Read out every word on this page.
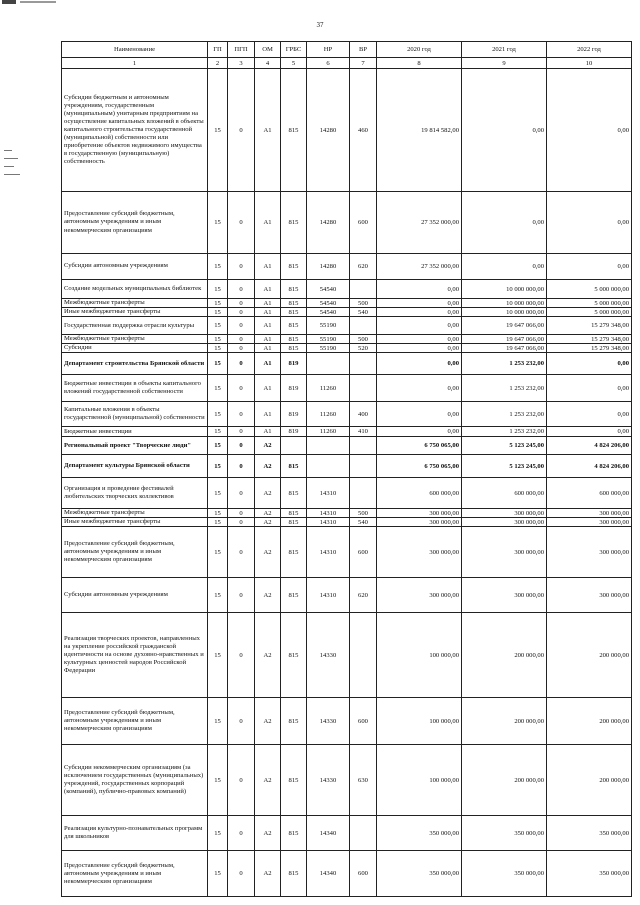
37
Наименование	ГП	ПГП	ОМ	ГРБС	НР	ВР	2020 год	2021 год	2022 год
1	2	3	4	5	6	7	8	9	10
Субсидии бюджетным и автономным учреждениям, государственным (муниципальным) унитарным предприятиям на осуществление капитальных вложений в объекты капитального строительства государственной (муниципальной) собственности или приобретение объектов недвижимого имущества в государственную (муниципальную) собственность	15	0	А1	815	14280	460	19 814 582,00	0,00	0,00
Предоставление субсидий бюджетным, автономным учреждениям и иным некоммерческим организациям	15	0	А1	815	14280	600	27 352 000,00	0,00	0,00
Субсидии автономным учреждениям	15	0	А1	815	14280	620	27 352 000,00	0,00	0,00
Создание модельных муниципальных библиотек	15	0	А1	815	54540		0,00	10 000 000,00	5 000 000,00
Межбюджетные трансферты	15	0	А1	815	54540	500	0,00	10 000 000,00	5 000 000,00
Иные межбюджетные трансферты	15	0	А1	815	54540	540	0,00	10 000 000,00	5 000 000,00
Государственная поддержка отрасли культуры	15	0	А1	815	55190		0,00	19 647 066,00	15 279 348,00
Межбюджетные трансферты	15	0	А1	815	55190	500	0,00	19 647 066,00	15 279 348,00
Субсидии	15	0	А1	815	55190	520	0,00	19 647 066,00	15 279 348,00
Департамент строительства Брянской области	15	0	А1	819			0,00	1 253 232,00	0,00
Бюджетные инвестиции в объекты капитального вложений государственной собственности	15	0	А1	819	11260		0,00	1 253 232,00	0,00
Капитальные вложения в объекты государственной (муниципальной) собственности	15	0	А1	819	11260	400	0,00	1 253 232,00	0,00
Бюджетные инвестиции	15	0	А1	819	11260	410	0,00	1 253 232,00	0,00
Региональный проект "Творческие люди"	15	0	А2				6 750 065,00	5 123 245,00	4 824 206,00
Департамент культуры Брянской области	15	0	А2	815			6 750 065,00	5 123 245,00	4 824 206,00
Организация и проведение фестивалей любительских творческих коллективов	15	0	А2	815	14310		600 000,00	600 000,00	600 000,00
Межбюджетные трансферты	15	0	А2	815	14310	500	300 000,00	300 000,00	300 000,00
Иные межбюджетные трансферты	15	0	А2	815	14310	540	300 000,00	300 000,00	300 000,00
Предоставление субсидий бюджетным, автономным учреждениям и иным некоммерческим организациям	15	0	А2	815	14310	600	300 000,00	300 000,00	300 000,00
Субсидии автономным учреждениям	15	0	А2	815	14310	620	300 000,00	300 000,00	300 000,00
Реализация творческих проектов, направленных на укрепление российской гражданской идентичности на основе духовно-нравственных и культурных ценностей народов Российской Федерации	15	0	А2	815	14330		100 000,00	200 000,00	200 000,00
Предоставление субсидий бюджетным, автономным учреждениям и иным некоммерческим организациям	15	0	А2	815	14330	600	100 000,00	200 000,00	200 000,00
Субсидии некоммерческим организациям (за исключением государственных (муниципальных) учреждений, государственных корпораций (компаний), публично-правовых компаний)	15	0	А2	815	14330	630	100 000,00	200 000,00	200 000,00
Реализация культурно-познавательных программ для школьников	15	0	А2	815	14340		350 000,00	350 000,00	350 000,00
Предоставление субсидий бюджетным, автономным учреждениям и иным некоммерческим организациям	15	0	А2	815	14340	600	350 000,00	350 000,00	350 000,00
